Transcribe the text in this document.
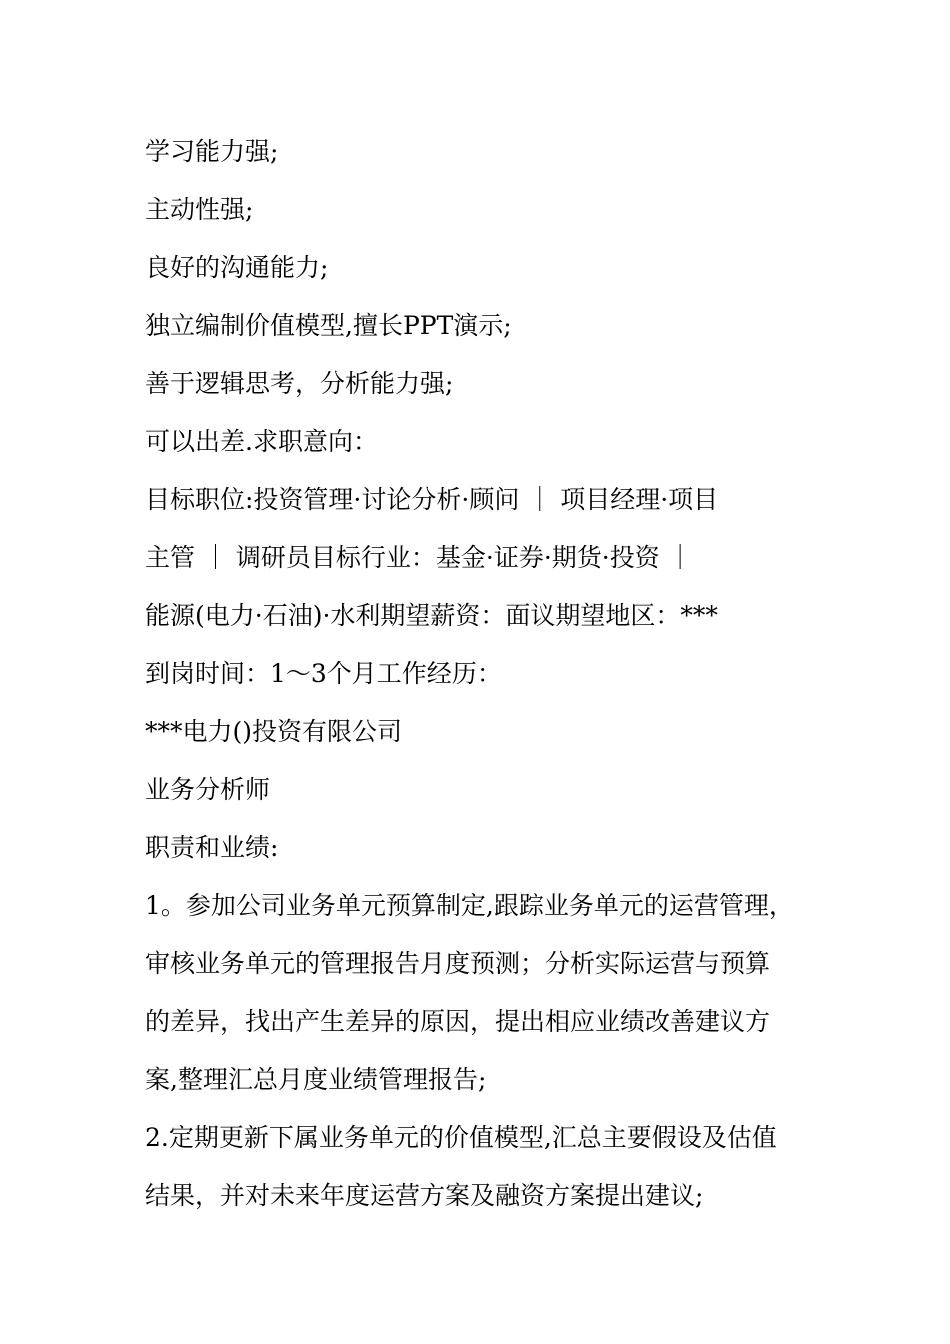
学习能力强;
主动性强;
良好的沟通能力;
独立编制价值模型,擅长PPT演示;
善于逻辑思考，分析能力强;
可以出差.求职意向：
目标职位:投资管理·讨论分析·顾问 ｜ 项目经理·项目
主管 ｜ 调研员目标行业：基金·证券·期货·投资 ｜
能源(电力·石油)·水利期望薪资：面议期望地区：***
到岗时间：1～3个月工作经历：
***电力()投资有限公司
业务分析师
职责和业绩:
1。参加公司业务单元预算制定,跟踪业务单元的运营管理，
审核业务单元的管理报告月度预测；分析实际运营与预算
的差异，找出产生差异的原因，提出相应业绩改善建议方
案,整理汇总月度业绩管理报告;
2.定期更新下属业务单元的价值模型,汇总主要假设及估值
结果，并对未来年度运营方案及融资方案提出建议;
